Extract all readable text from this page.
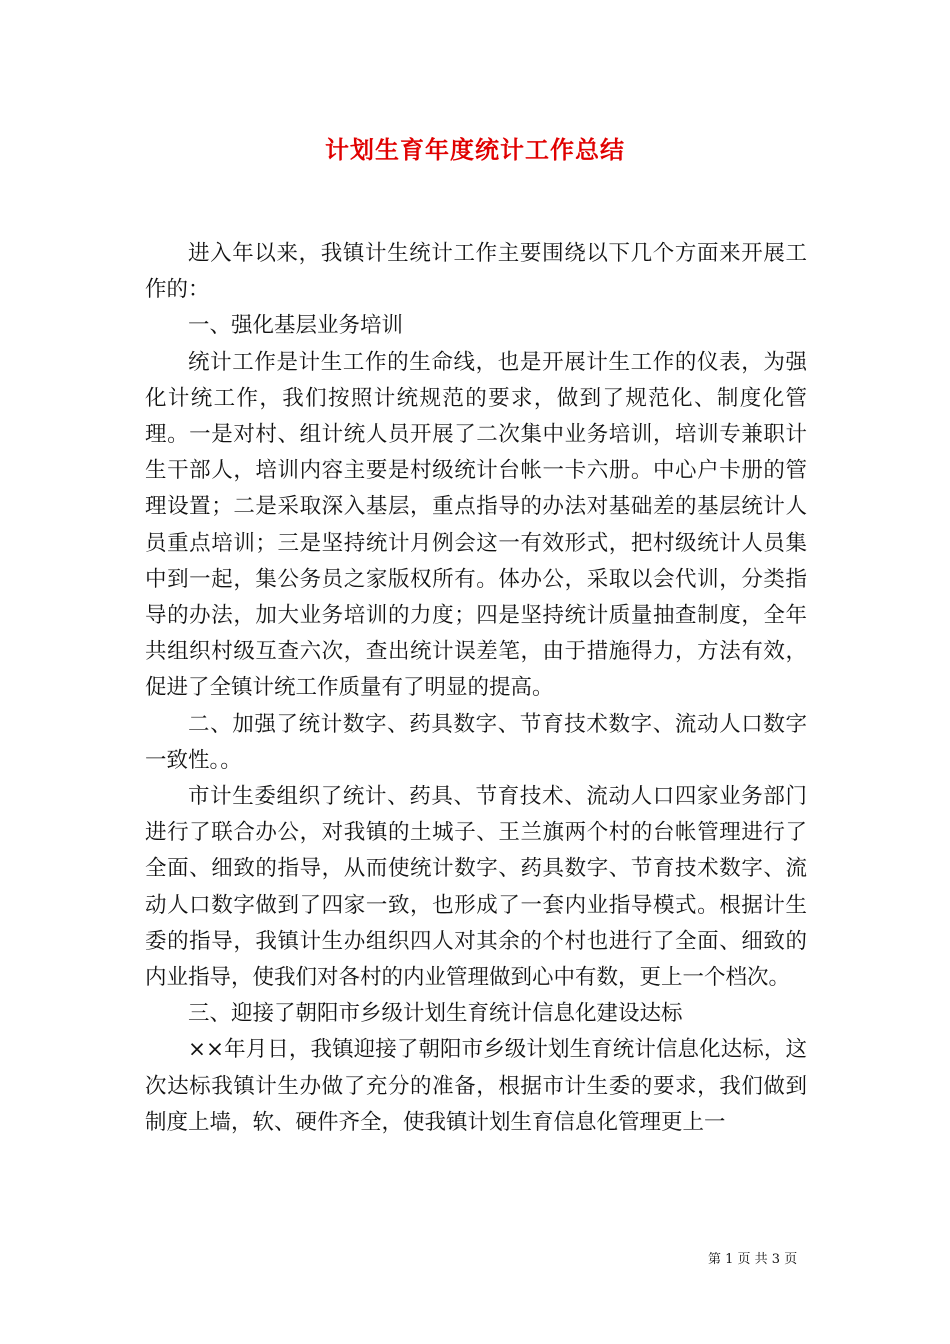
计划生育年度统计工作总结

进入年以来，我镇计生统计工作主要围绕以下几个方面来开展工作的：

一、强化基层业务培训

统计工作是计生工作的生命线，也是开展计生工作的仪表，为强化计统工作，我们按照计统规范的要求，做到了规范化、制度化管理。一是对村、组计统人员开展了二次集中业务培训，培训专兼职计生干部人，培训内容主要是村级统计台帐一卡六册。中心户卡册的管理设置；二是采取深入基层，重点指导的办法对基础差的基层统计人员重点培训；三是坚持统计月例会这一有效形式，把村级统计人员集中到一起，集公务员之家版权所有。体办公，采取以会代训，分类指导的办法，加大业务培训的力度；四是坚持统计质量抽查制度，全年共组织村级互查六次，查出统计误差笔，由于措施得力，方法有效，促进了全镇计统工作质量有了明显的提高。

二、加强了统计数字、药具数字、节育技术数字、流动人口数字一致性。。

市计生委组织了统计、药具、节育技术、流动人口四家业务部门进行了联合办公，对我镇的土城子、王兰旗两个村的台帐管理进行了全面、细致的指导，从而使统计数字、药具数字、节育技术数字、流动人口数字做到了四家一致，也形成了一套内业指导模式。根据计生委的指导，我镇计生办组织四人对其余的个村也进行了全面、细致的内业指导，使我们对各村的内业管理做到心中有数，更上一个档次。

三、迎接了朝阳市乡级计划生育统计信息化建设达标

××年月日，我镇迎接了朝阳市乡级计划生育统计信息化达标，这次达标我镇计生办做了充分的准备，根据市计生委的要求，我们做到制度上墙，软、硬件齐全，使我镇计划生育信息化管理更上一

第 1 页 共 3 页
